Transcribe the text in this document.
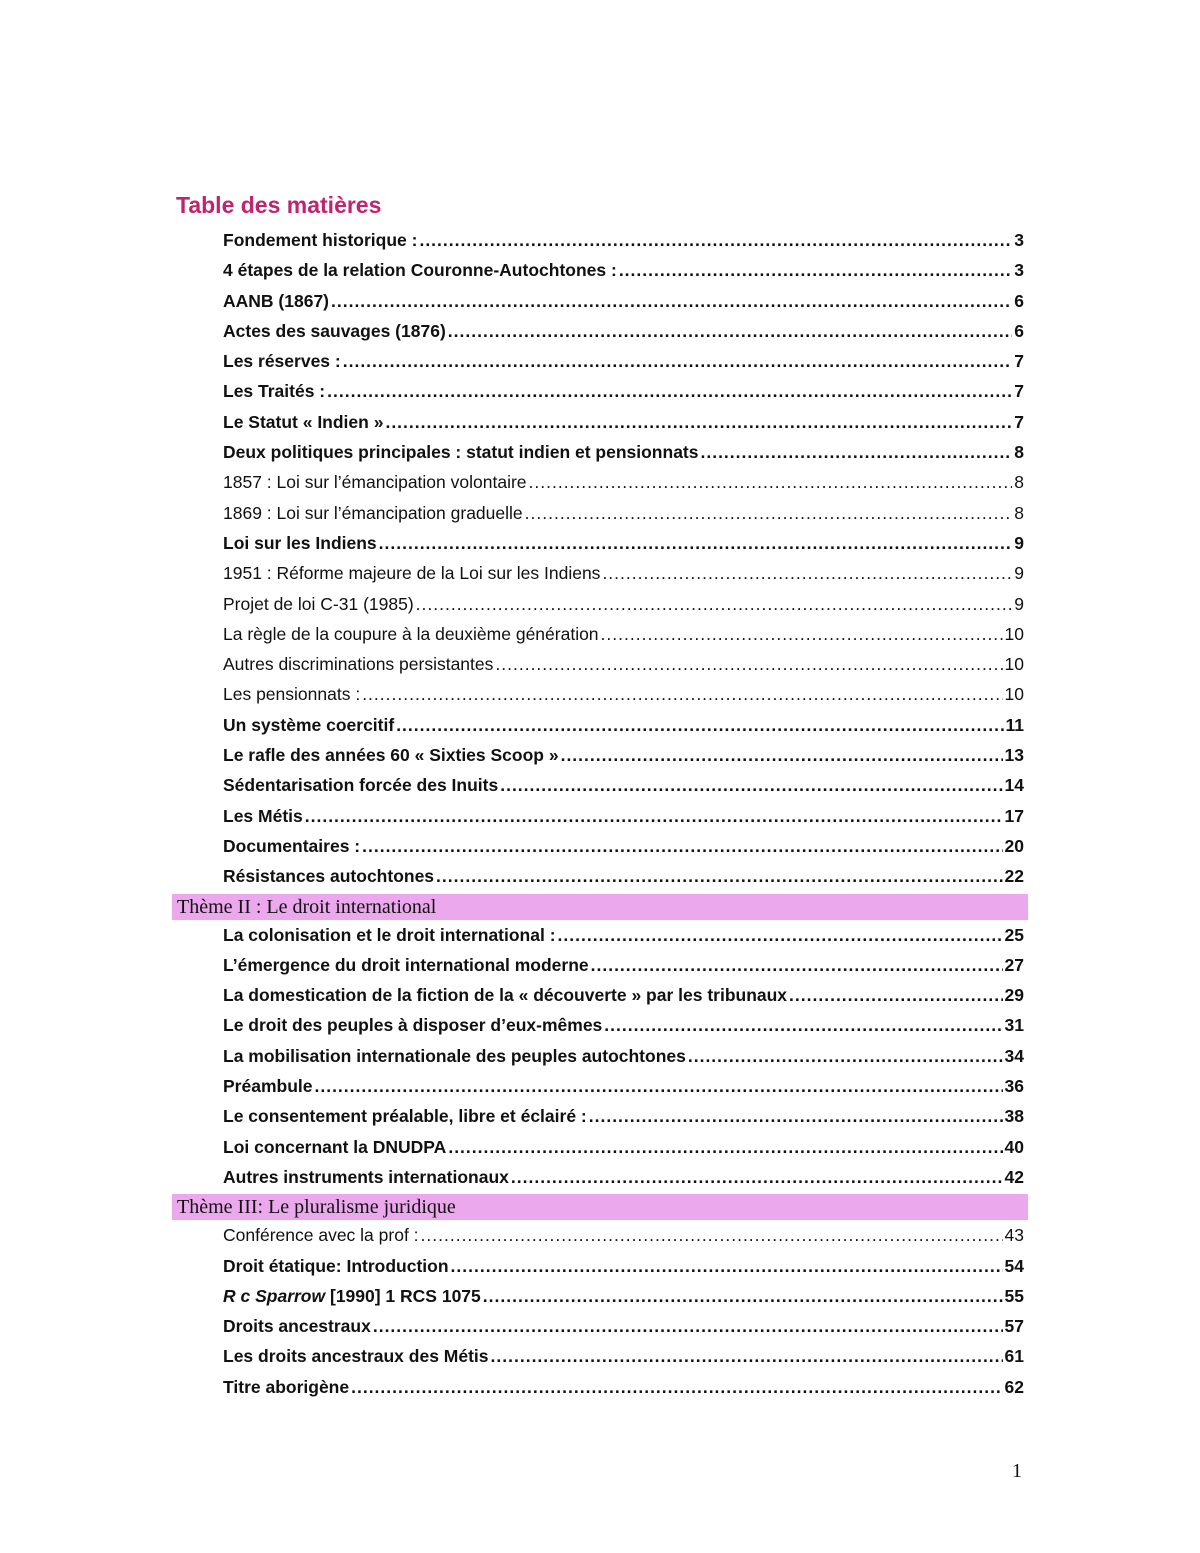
Table des matières
Fondement historique : .....	3
4 étapes de la relation Couronne-Autochtones : .....	3
AANB (1867) .....	6
Actes des sauvages (1876) .....	6
Les réserves : .....	7
Les Traités : .....	7
Le Statut « Indien » .....	7
Deux politiques principales : statut indien et pensionnats .....	8
1857 : Loi sur l’émancipation volontaire .....	8
1869 : Loi sur l’émancipation graduelle .....	8
Loi sur les Indiens .....	9
1951 : Réforme majeure de la Loi sur les Indiens .....	9
Projet de loi C-31 (1985) .....	9
La règle de la coupure à la deuxième génération .....	10
Autres discriminations persistantes .....	10
Les pensionnats : .....	10
Un système coercitif .....	11
Le rafle des années 60 « Sixties Scoop » .....	13
Sédentarisation forcée des Inuits .....	14
Les Métis .....	17
Documentaires : .....	20
Résistances autochtones .....	22
Thème II : Le droit international
La colonisation et le droit international : .....	25
L’émergence du droit international moderne .....	27
La domestication de la fiction de la « découverte » par les tribunaux .....	29
Le droit des peuples à disposer d’eux-mêmes .....	31
La mobilisation internationale des peuples autochtones .....	34
Préambule .....	36
Le consentement préalable, libre et éclairé : .....	38
Loi concernant la DNUDPA .....	40
Autres instruments internationaux .....	42
Thème III: Le pluralisme juridique
Conférence avec la prof : .....	43
Droit étatique: Introduction .....	54
R c Sparrow [1990] 1 RCS 1075 .....	55
Droits ancestraux .....	57
Les droits ancestraux des Métis .....	61
Titre aborigène .....	62
1
